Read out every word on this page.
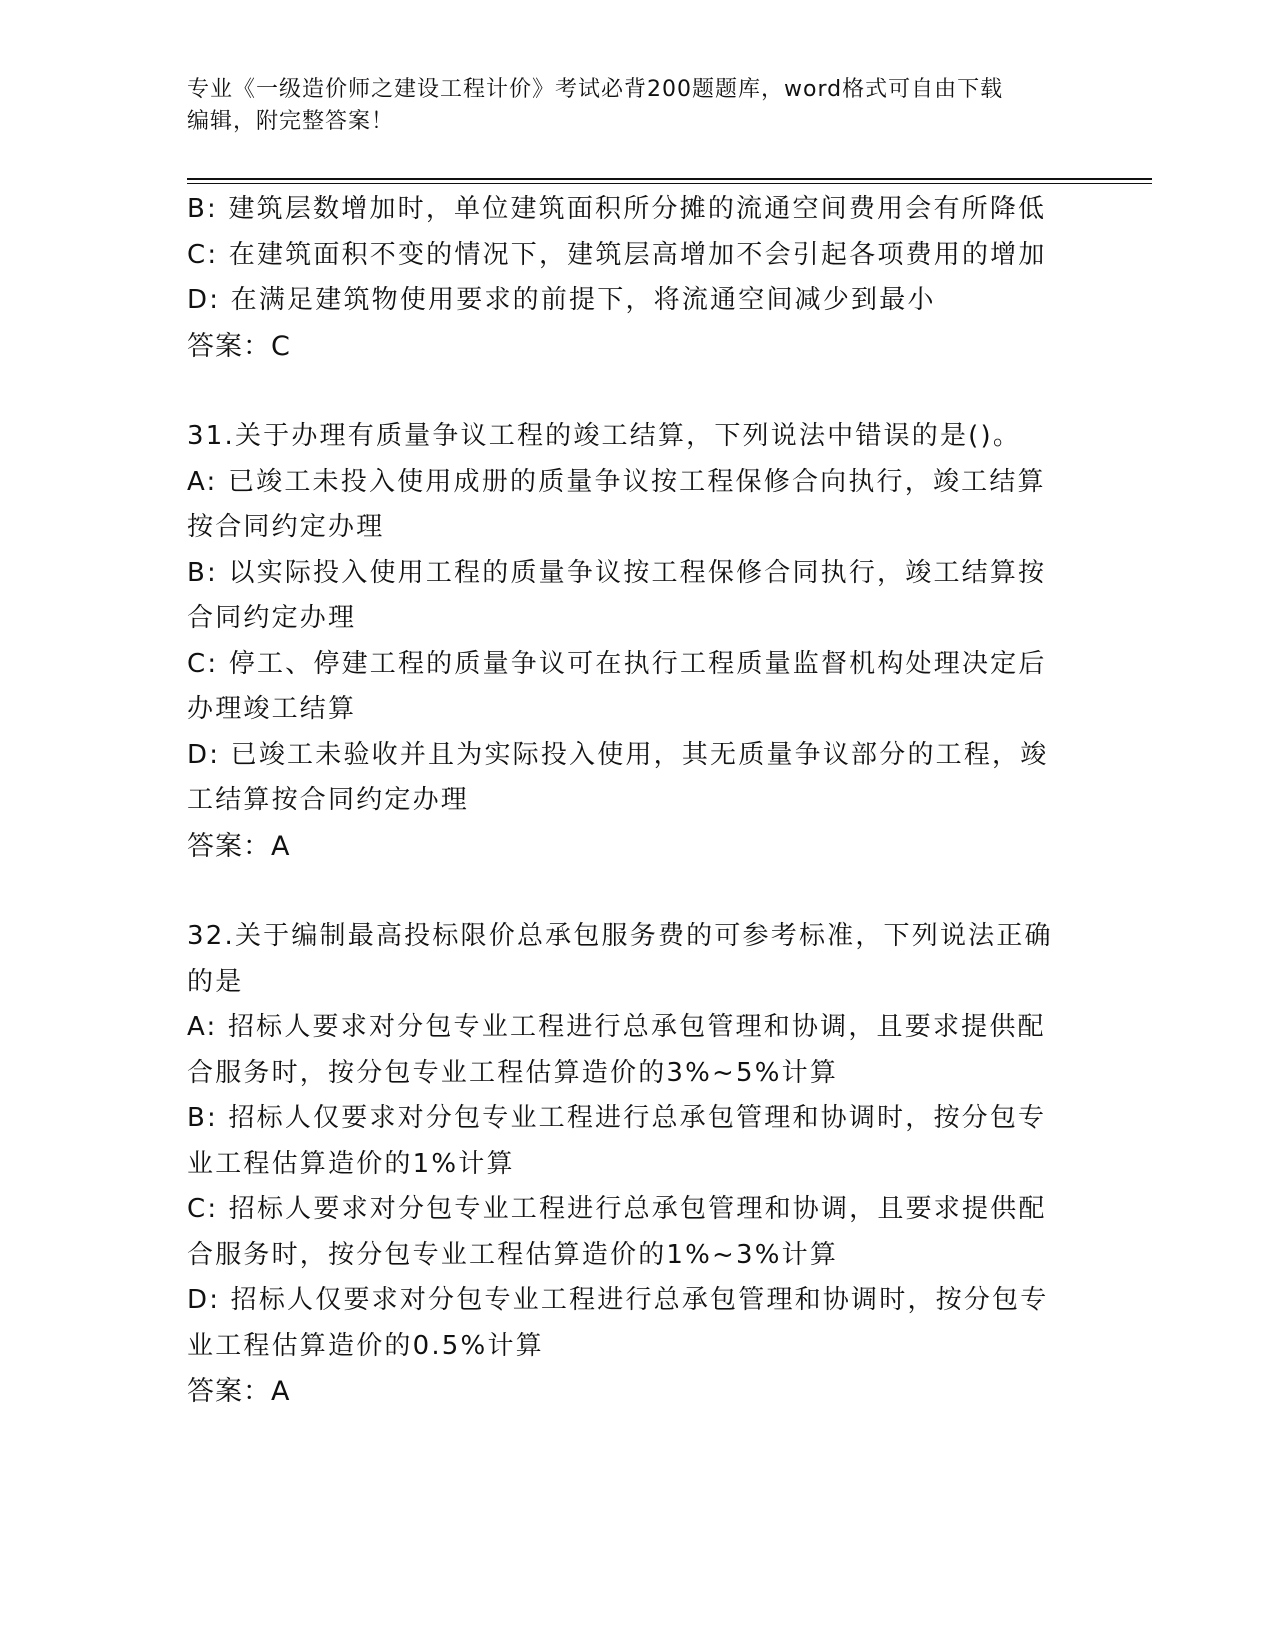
专业《一级造价师之建设工程计价》考试必背200题题库，word格式可自由下载
编辑，附完整答案！
B: 建筑层数增加时，单位建筑面积所分摊的流通空间费用会有所降低
C: 在建筑面积不变的情况下，建筑层高增加不会引起各项费用的增加
D: 在满足建筑物使用要求的前提下，将流通空间减少到最小
答案：C
31.关于办理有质量争议工程的竣工结算，下列说法中错误的是()。
A: 已竣工未投入使用成册的质量争议按工程保修合向执行，竣工结算
按合同约定办理
B: 以实际投入使用工程的质量争议按工程保修合同执行，竣工结算按
合同约定办理
C: 停工、停建工程的质量争议可在执行工程质量监督机构处理决定后
办理竣工结算
D: 已竣工未验收并且为实际投入使用，其无质量争议部分的工程，竣
工结算按合同约定办理
答案：A
32.关于编制最高投标限价总承包服务费的可参考标准，下列说法正确
的是
A: 招标人要求对分包专业工程进行总承包管理和协调，且要求提供配
合服务时，按分包专业工程估算造价的3%~5%计算
B: 招标人仅要求对分包专业工程进行总承包管理和协调时，按分包专
业工程估算造价的1%计算
C: 招标人要求对分包专业工程进行总承包管理和协调，且要求提供配
合服务时，按分包专业工程估算造价的1%~3%计算
D: 招标人仅要求对分包专业工程进行总承包管理和协调时，按分包专
业工程估算造价的0.5%计算
答案：A
